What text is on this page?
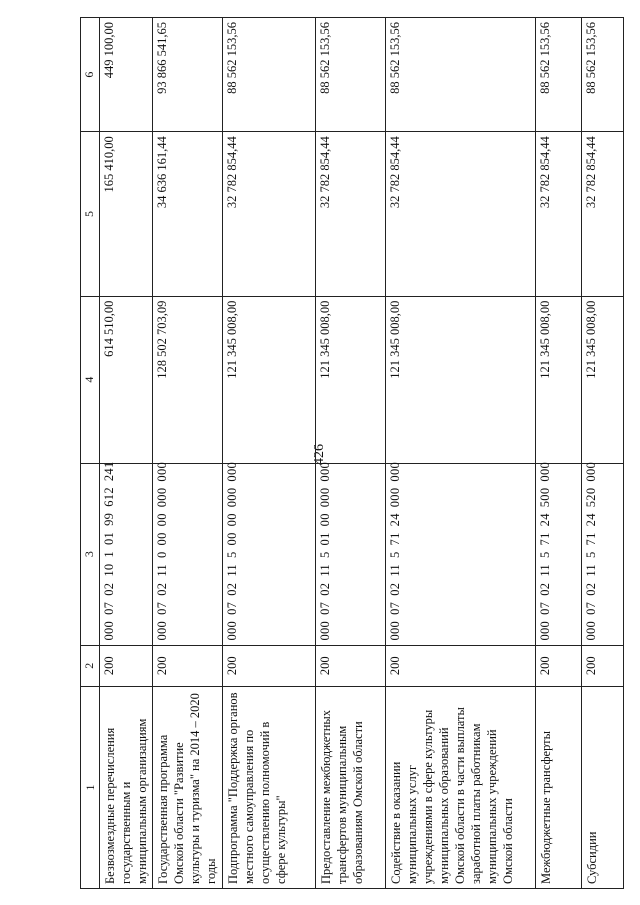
426
1	2	3	4	5	6
Безвозмездные перечисления государственным и муниципальным организациям	200	00007021010199612241	614 510,00	165 410,00	449 100,00
Государственная программа Омской области "Развитие культуры и туризма" на 2014 – 2020 годы	200	00007021100000000000	128 502 703,09	34 636 161,44	93 866 541,65
Подпрограмма "Поддержка органов местного самоуправления по осуществлению полномочий в сфере культуры"	200	00007021150000000000	121 345 008,00	32 782 854,44	88 562 153,56
Предоставление межбюджетных трансфертов муниципальным образованиям Омской области	200	00007021150100000000	121 345 008,00	32 782 854,44	88 562 153,56
Содействие в оказании муниципальных услуг учреждениями в сфере культуры муниципальных образований Омской области в части выплаты заработной платы работникам муниципальных учреждений Омской области	200	00007021157124000000	121 345 008,00	32 782 854,44	88 562 153,56
Межбюджетные трансферты	200	00007021157124500000	121 345 008,00	32 782 854,44	88 562 153,56
Субсидии	200	00007021157124520000	121 345 008,00	32 782 854,44	88 562 153,56
